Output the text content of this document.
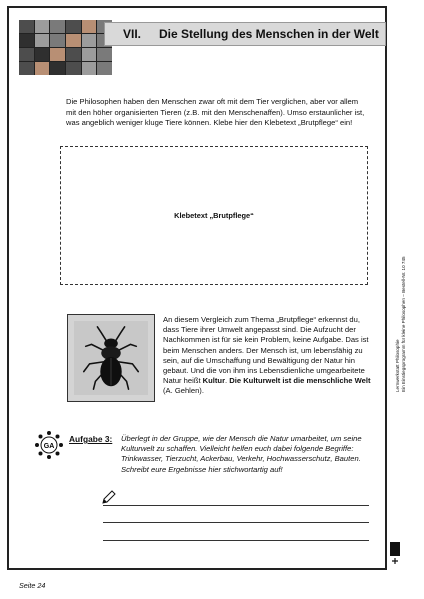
VII.	Die Stellung des Menschen in der Welt
Die Philosophen haben den Menschen zwar oft mit dem Tier verglichen, aber vor allem mit den höher organisierten Tieren (z.B. mit den Menschenaffen). Umso erstaunlicher ist, was angeblich weniger kluge Tiere können. Klebe hier den Klebetext „Brutpflege“ ein!
Klebetext „Brutpflege“
An diesem Vergleich zum Thema „Brutpflege“ erkennst du, dass Tiere ihrer Umwelt angepasst sind. Die Aufzucht der Nachkommen ist für sie kein Problem, keine Aufgabe. Das ist beim Menschen anders. Der Mensch ist, um lebensfähig zu sein, auf die Umschaffung und Bewältigung der Natur hin gebaut. Und die von ihm ins Lebensdienliche umgearbeitete Natur heißt Kultur. Die Kulturwelt ist die menschliche Welt (A. Gehlen).
GA
Aufgabe 3: Überlegt in der Gruppe, wie der Mensch die Natur umarbeitet, um seine Kulturwelt zu schaffen. Vielleicht helfen euch dabei folgende Begriffe: Trinkwasser, Tierzucht, Ackerbau, Verkehr, Hochwasserschutz, Bauten. Schreibt eure Ergebnisse hier stichwortartig auf!
Lernwerkstatt Philosophie Ein Einstiegsprogramm für kleine Philosophen – Bestell-Nr. 10 745
Seite 24
